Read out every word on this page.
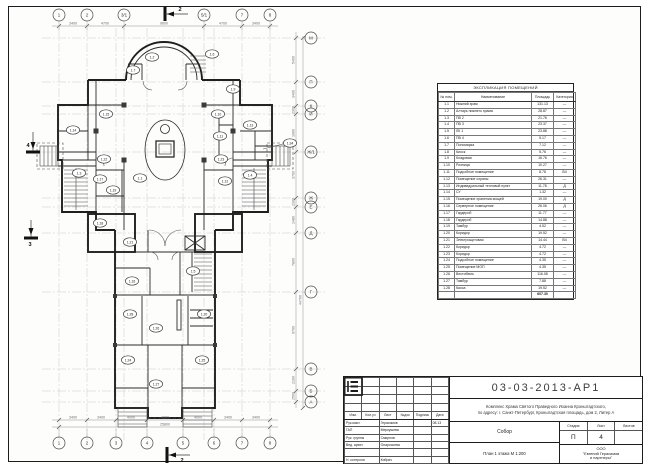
1	2	3/1	5/1	7	8
1	2	3	4	5	6	7	8
М
П
К
И
Ж/1
Ж
Е
Д
Г
В
Б
А
3400	4700	9600	4700	3400
3400	3400	4000	4200	4000	3400	3400
25800
5400
3400
2300
1060
3700
2300
1480
7800
9700
2100
2500
44700
2
2
4
3
1.1
1.2
1.3	1.4
1.5
1.6
1.7
1.9
1.10
1.11
1.12
1.13
1.14
1.15
1.16
1.17
1.18
1.19
1.20
1.21
1.22	1.23
1.24	1.25
1.26
1.27
1.28
1.34
ЭКСПЛИКАЦИЯ ПОМЕЩЕНИЙ
№ пом.	Наименование	Площадь	Категория
1.1	Нижний храм	131.13	—
1.2	Алтарь нижнего храма	28.87	—
1.3	ПВ 2	21.76	—
1.4	ПВ 3	23.37	—
1.5	ЛК 1	23.88	—
1.6	ПВ 4	5.17	—
1.7	Пономарка	7.12	—
1.8	Киоск	5.76	—
1.9	Кладовая	16.76	—
1.10	Ризница	10.27	—
1.11	Подсобное помещение	8.78	В4
1.12	Помещение охраны	26.31	—
1.13	Индивидуальный тепловой пункт	11.78	Д
1.14	СУ	1.32	—
1.15	Помещение хранения мощей	19.00	Д
1.16	Серверное помещение	26.06	Д
1.17	Гардероб	11.77	—
1.18	Гардероб	14.88	—
1.19	Тамбур	4.52	—
1.20	Коридор	19.52	—
1.21	Электрощитовая	14.44	В4
1.22	Коридор	4.72	—
1.23	Коридор	4.72	—
1.24	Подсобное помещение	4.35	—
1.25	Помещение МОП	4.35	—
1.26	Вестибюль	116.08	—
1.27	Тамбур	7.88	—
1.28	Касса	19.52	—
		607.30	

Изм.	Кол.уч	Лист	№док	Подпись	Дата
Рук.маст.		Герасимов			08.13
ГАП		Меркушева			
Рук. группы		Смирнов			
Вед. архит.		Опаросьева			

Н. контроля		Кибрич			
03-03-2013-АР1
Комплекс Храма Святого Праведного Иоанна Кронштадтского,
по адресу: г. Санкт-Петербург, Кронштадтская площадь, дом 2, Литер А
Собор
План 1 этажа М 1:200
Стадия	Лист	Листов
П	4
ООО
"Евгений Герасимов
и партнеры"
